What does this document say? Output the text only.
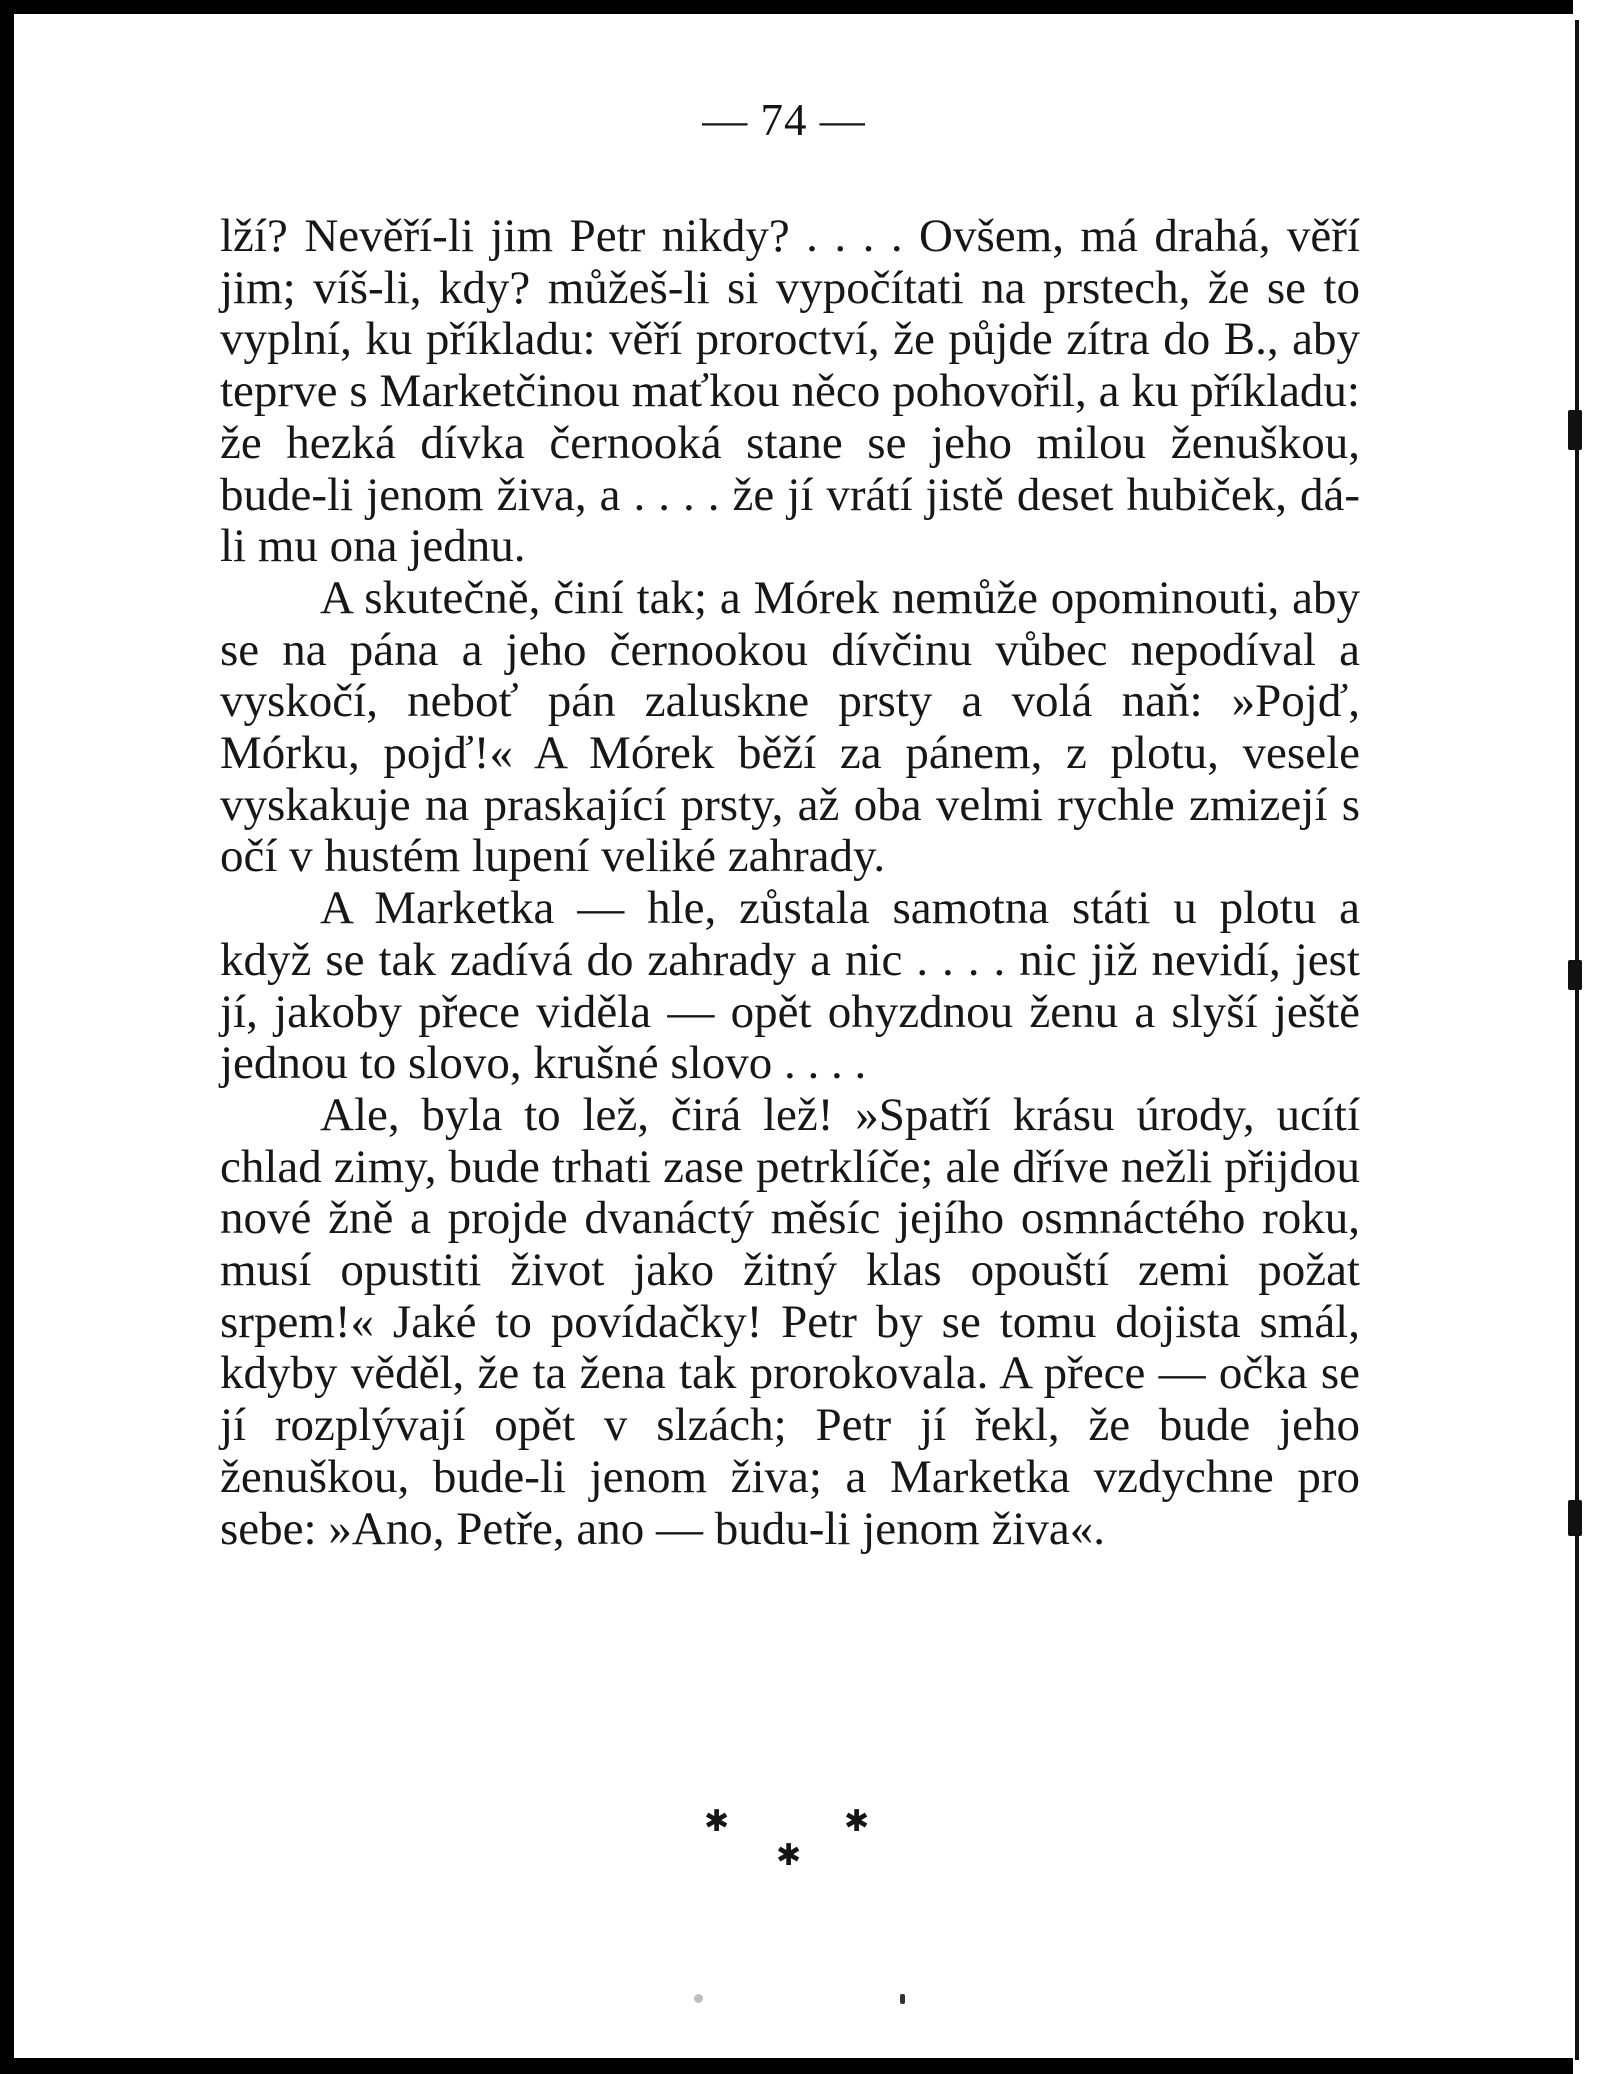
— 74 —

lží? Nevěří-li jim Petr nikdy? . . . . Ovšem, má drahá, věří jim; víš-li, kdy? můžeš-li si vypočítati na prstech, že se to vyplní, ku příkladu: věří proroctví, že půjde zítra do B., aby teprve s Marketčinou maťkou něco pohovořil, a ku příkladu: že hezká dívka černooká stane se jeho milou ženuškou, bude-li jenom živa, a . . . . že jí vrátí jistě deset hubiček, dá-li mu ona jednu.

A skutečně, činí tak; a Mórek nemůže opominouti, aby se na pána a jeho černookou dívčinu vůbec nepodíval a vyskočí, neboť pán zaluskne prsty a volá naň: »Pojď, Mórku, pojď!« A Mórek běží za pánem, z plotu, vesele vyskakuje na praskající prsty, až oba velmi rychle zmizejí s očí v hustém lupení veliké zahrady.

A Marketka — hle, zůstala samotna státi u plotu a když se tak zadívá do zahrady a nic . . . . nic již nevidí, jest jí, jakoby přece viděla — opět ohyzdnou ženu a slyší ještě jednou to slovo, krušné slovo . . . .

Ale, byla to lež, čirá lež! »Spatří krásu úrody, ucítí chlad zimy, bude trhati zase petrklíče; ale dříve nežli přijdou nové žně a projde dvanáctý měsíc jejího osmnáctého roku, musí opustiti život jako žitný klas opouští zemi požat srpem!« Jaké to povídačky! Petr by se tomu dojista smál, kdyby věděl, že ta žena tak prorokovala. A přece — očka se jí rozplývají opět v slzách; Petr jí řekl, že bude jeho ženuškou, bude-li jenom živa; a Marketka vzdychne pro sebe: »Ano, Petře, ano — budu-li jenom živa«.

✱	✱
✱
